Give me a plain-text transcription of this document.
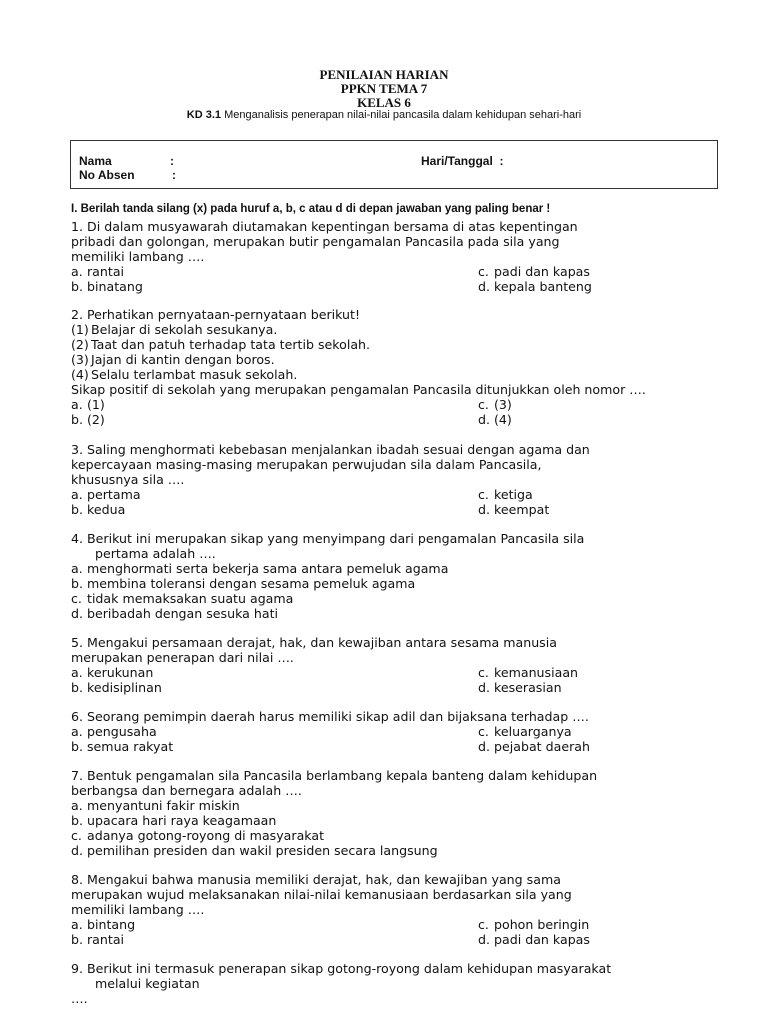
PENILAIAN HARIAN
PPKN TEMA 7
KELAS 6
KD 3.1 Menganalisis penerapan nilai-nilai pancasila dalam kehidupan sehari-hari
Nama	:
No Absen	:
Hari/Tanggal  :
I. Berilah tanda silang (x) pada huruf a, b, c atau d di depan jawaban yang paling benar !
1. Di dalam musyawarah diutamakan kepentingan bersama di atas kepentingan
pribadi dan golongan, merupakan butir pengamalan Pancasila pada sila yang
memiliki lambang ….
a. rantai	c. padi dan kapas
b. binatang	d. kepala banteng
2. Perhatikan pernyataan-pernyataan berikut!
(1) Belajar di sekolah sesukanya.
(2) Taat dan patuh terhadap tata tertib sekolah.
(3) Jajan di kantin dengan boros.
(4) Selalu terlambat masuk sekolah.
Sikap positif di sekolah yang merupakan pengamalan Pancasila ditunjukkan oleh nomor ….
a. (1)	c. (3)
b. (2)	d. (4)
3. Saling menghormati kebebasan menjalankan ibadah sesuai dengan agama dan
kepercayaan masing-masing merupakan perwujudan sila dalam Pancasila,
khususnya sila ….
a. pertama	c. ketiga
b. kedua	d. keempat
4. Berikut ini merupakan sikap yang menyimpang dari pengamalan Pancasila sila
pertama adalah ….
a. menghormati serta bekerja sama antara pemeluk agama
b. membina toleransi dengan sesama pemeluk agama
c. tidak memaksakan suatu agama
d. beribadah dengan sesuka hati
5. Mengakui persamaan derajat, hak, dan kewajiban antara sesama manusia
merupakan penerapan dari nilai ….
a. kerukunan	c. kemanusiaan
b. kedisiplinan	d. keserasian
6. Seorang pemimpin daerah harus memiliki sikap adil dan bijaksana terhadap ….
a. pengusaha	c. keluarganya
b. semua rakyat	d. pejabat daerah
7. Bentuk pengamalan sila Pancasila berlambang kepala banteng dalam kehidupan
berbangsa dan bernegara adalah ….
a. menyantuni fakir miskin
b. upacara hari raya keagamaan
c. adanya gotong-royong di masyarakat
d. pemilihan presiden dan wakil presiden secara langsung
8. Mengakui bahwa manusia memiliki derajat, hak, dan kewajiban yang sama
merupakan wujud melaksanakan nilai-nilai kemanusiaan berdasarkan sila yang
memiliki lambang ….
a. bintang	c. pohon beringin
b. rantai	d. padi dan kapas
9. Berikut ini termasuk penerapan sikap gotong-royong dalam kehidupan masyarakat
melalui kegiatan
….
